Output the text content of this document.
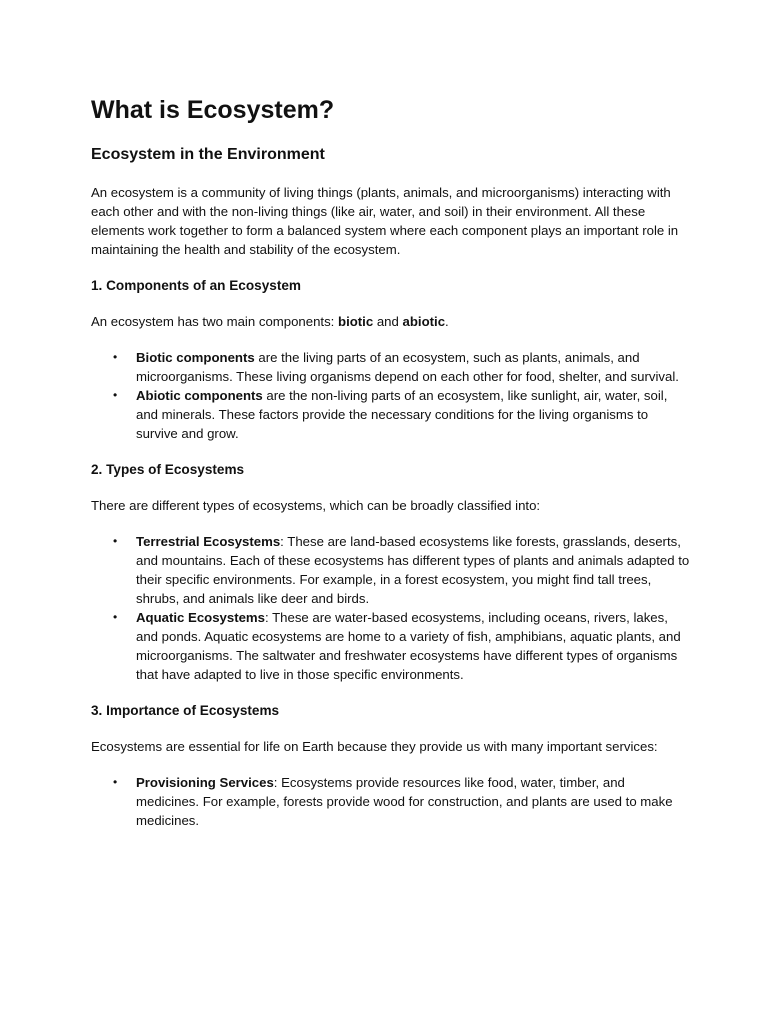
What is Ecosystem?
Ecosystem in the Environment

An ecosystem is a community of living things (plants, animals, and microorganisms) interacting with each other and with the non-living things (like air, water, and soil) in their environment. All these elements work together to form a balanced system where each component plays an important role in maintaining the health and stability of the ecosystem.

1. Components of an Ecosystem

An ecosystem has two main components: biotic and abiotic.

• Biotic components are the living parts of an ecosystem, such as plants, animals, and microorganisms. These living organisms depend on each other for food, shelter, and survival.
• Abiotic components are the non-living parts of an ecosystem, like sunlight, air, water, soil, and minerals. These factors provide the necessary conditions for the living organisms to survive and grow.
2. Types of Ecosystems

There are different types of ecosystems, which can be broadly classified into:

• Terrestrial Ecosystems: These are land-based ecosystems like forests, grasslands, deserts, and mountains. Each of these ecosystems has different types of plants and animals adapted to their specific environments. For example, in a forest ecosystem, you might find tall trees, shrubs, and animals like deer and birds.
• Aquatic Ecosystems: These are water-based ecosystems, including oceans, rivers, lakes, and ponds. Aquatic ecosystems are home to a variety of fish, amphibians, aquatic plants, and microorganisms. The saltwater and freshwater ecosystems have different types of organisms that have adapted to live in those specific environments.
3. Importance of Ecosystems

Ecosystems are essential for life on Earth because they provide us with many important services:

• Provisioning Services: Ecosystems provide resources like food, water, timber, and medicines. For example, forests provide wood for construction, and plants are used to make medicines.
